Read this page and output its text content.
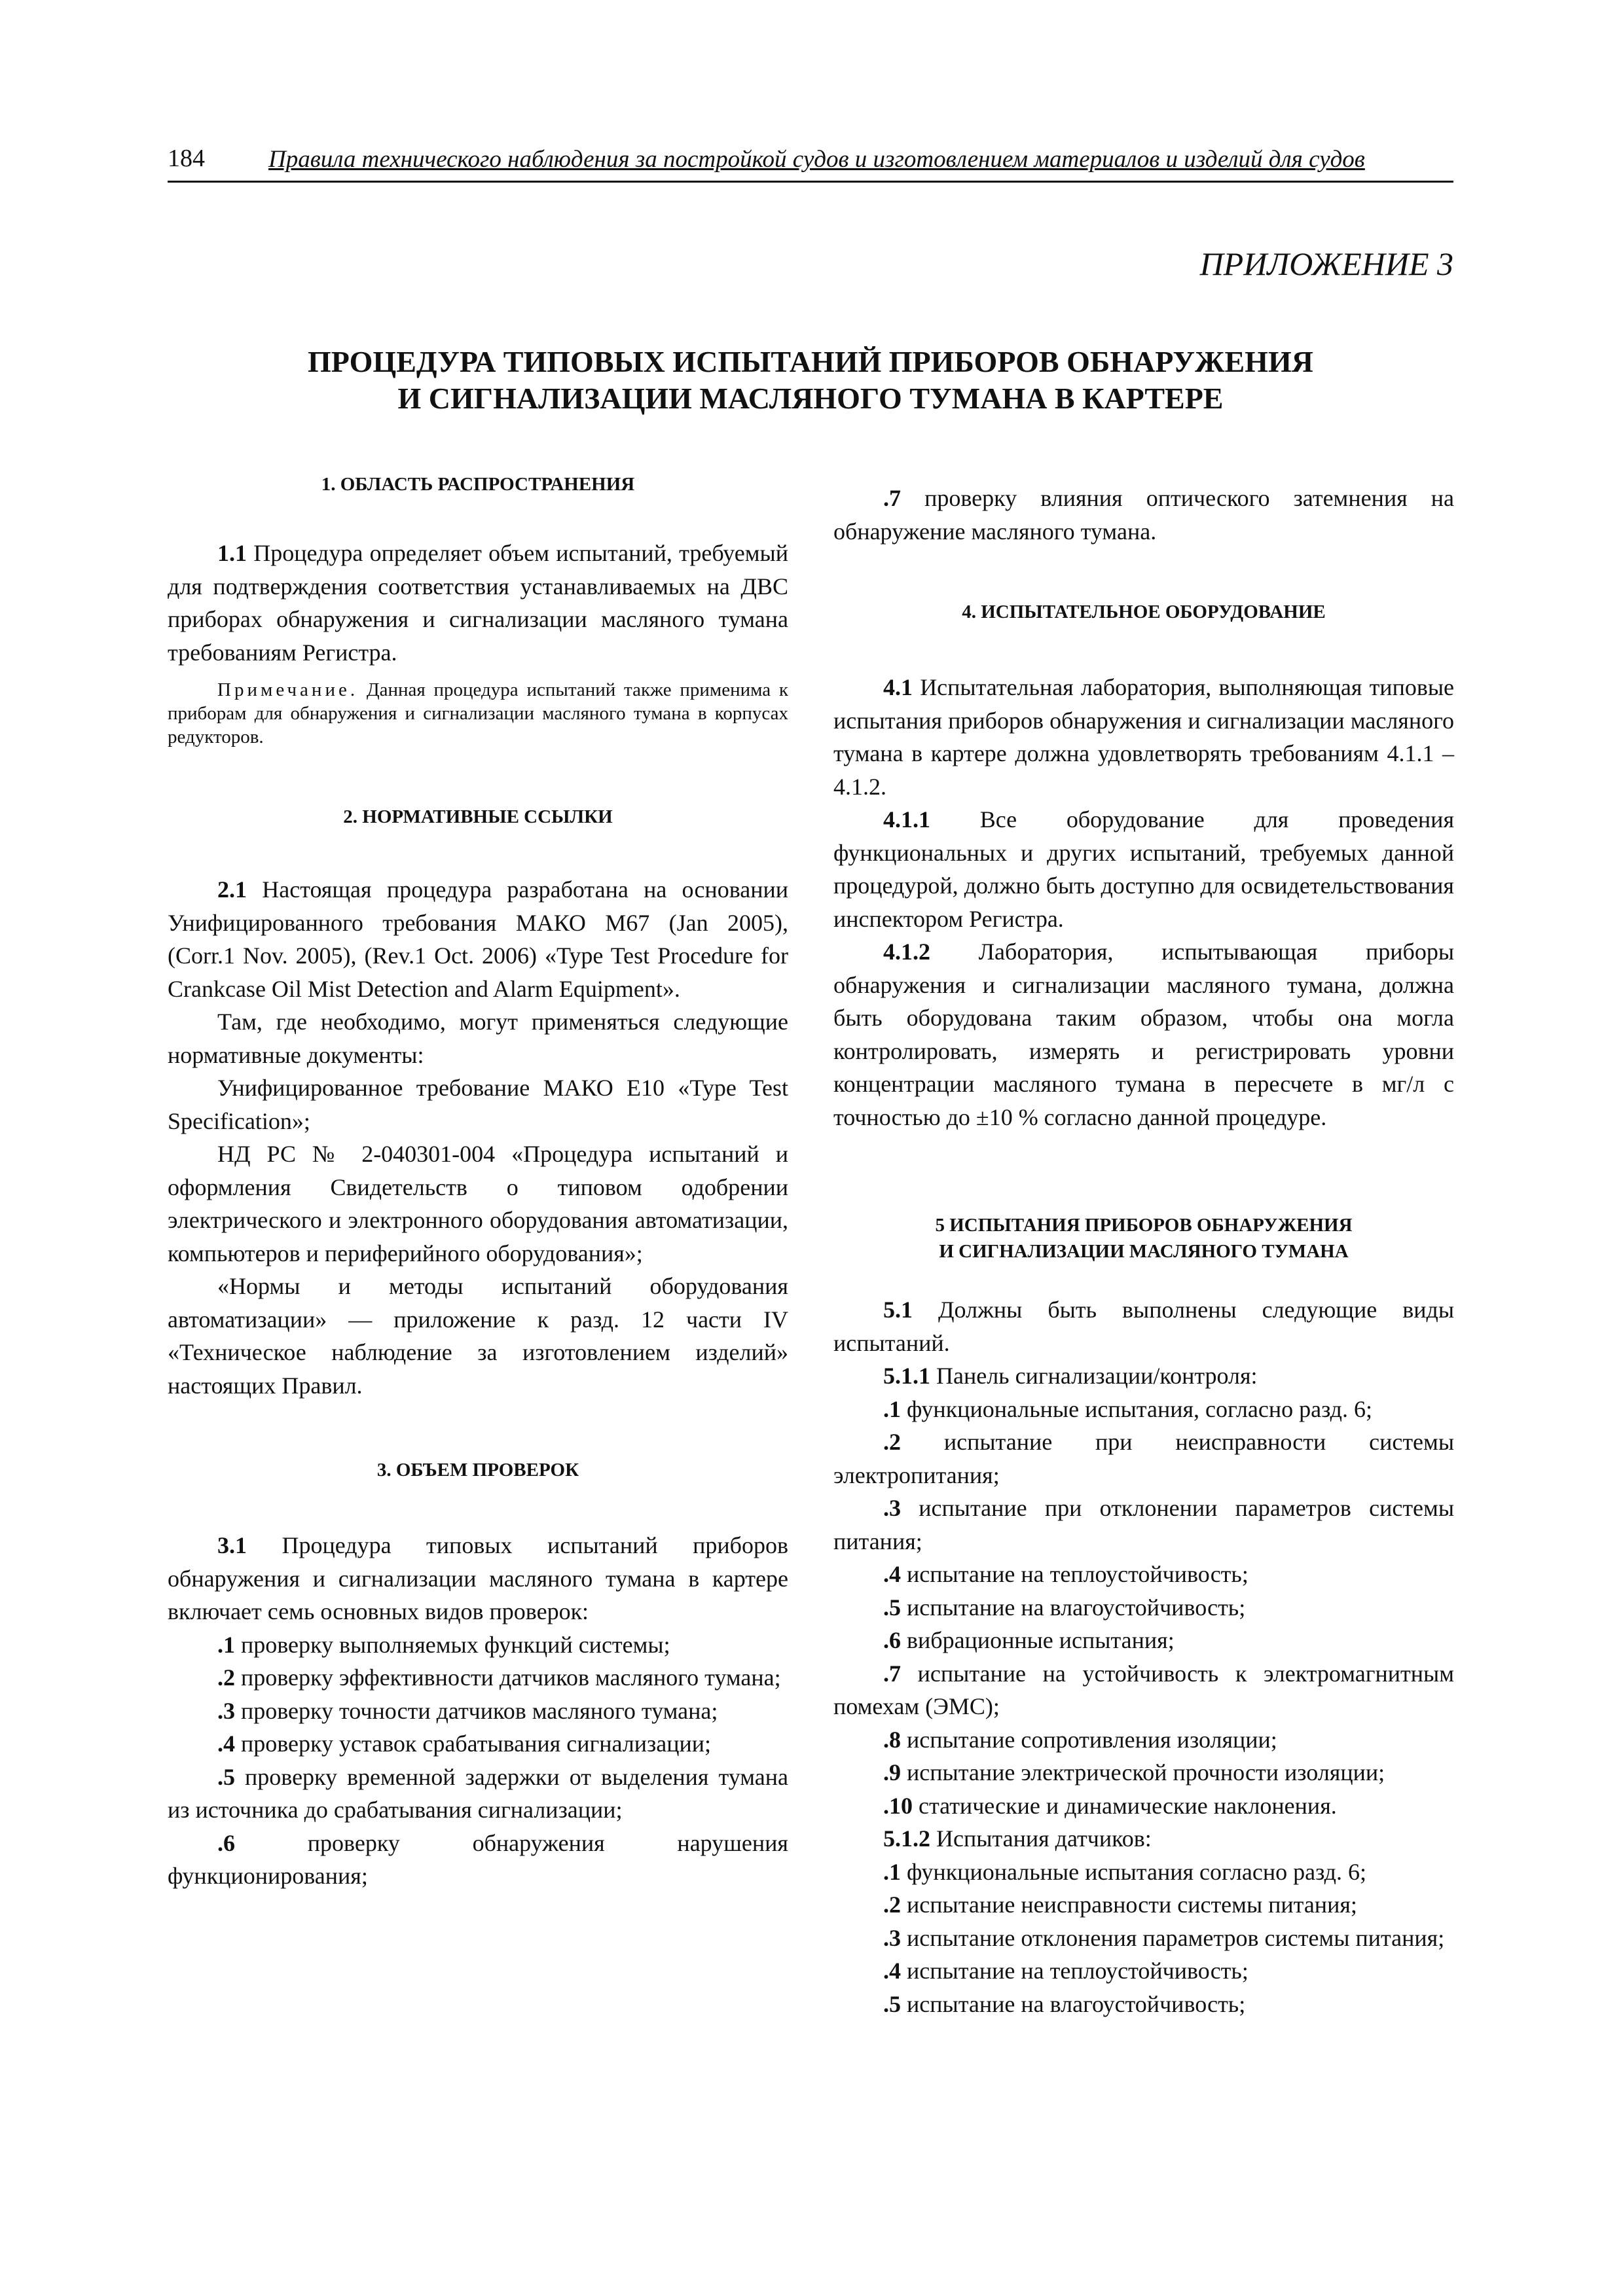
184	Правила технического наблюдения за постройкой судов и изготовлением материалов и изделий для судов
ПРИЛОЖЕНИЕ 3
ПРОЦЕДУРА ТИПОВЫХ ИСПЫТАНИЙ ПРИБОРОВ ОБНАРУЖЕНИЯ
И СИГНАЛИЗАЦИИ МАСЛЯНОГО ТУМАНА В КАРТЕРЕ
1. ОБЛАСТЬ РАСПРОСТРАНЕНИЯ

1.1 Процедура определяет объем испытаний, требуемый для подтверждения соответствия устанавливаемых на ДВС приборах обнаружения и сигнализации масляного тумана требованиям Регистра.

Примечание. Данная процедура испытаний также применима к приборам для обнаружения и сигнализации масляного тумана в корпусах редукторов.

2. НОРМАТИВНЫЕ ССЫЛКИ

2.1 Настоящая процедура разработана на основании Унифицированного требования МАКО М67 (Jan 2005), (Corr.1 Nov. 2005), (Rev.1 Oct. 2006) «Type Test Procedure for Crankcase Oil Mist Detection and Alarm Equipment».

Там, где необходимо, могут применяться следующие нормативные документы:

Унифицированное требование МАКО Е10 «Type Test Specification»;

НД РС № 2-040301-004 «Процедура испытаний и оформления Свидетельств о типовом одобрении электрического и электронного оборудования автоматизации, компьютеров и периферийного оборудования»;

«Нормы и методы испытаний оборудования автоматизации» — приложение к разд. 12 части IV «Техническое наблюдение за изготовлением изделий» настоящих Правил.

3. ОБЪЕМ ПРОВЕРОК

3.1 Процедура типовых испытаний приборов обнаружения и сигнализации масляного тумана в картере включает семь основных видов проверок:

.1 проверку выполняемых функций системы;

.2 проверку эффективности датчиков масляного тумана;

.3 проверку точности датчиков масляного тумана;

.4 проверку уставок срабатывания сигнализации;

.5 проверку временной задержки от выделения тумана из источника до срабатывания сигнализации;

.6	проверку обнаружения нарушения функционирования;

.7 проверку влияния оптического затемнения на обнаружение масляного тумана.

4. ИСПЫТАТЕЛЬНОЕ ОБОРУДОВАНИЕ

4.1 Испытательная лаборатория, выполняющая типовые испытания приборов обнаружения и сигнализации масляного тумана в картере должна удовлетворять требованиям 4.1.1 – 4.1.2.

4.1.1 Все оборудование для проведения функциональных и других испытаний, требуемых данной процедурой, должно быть доступно для освидетельствования инспектором Регистра.

4.1.2 Лаборатория, испытывающая приборы обнаружения и сигнализации масляного тумана, должна быть оборудована таким образом, чтобы она могла контролировать, измерять и регистрировать уровни концентрации масляного тумана в пересчете в мг/л с точностью до ±10 % согласно данной процедуре.

5 ИСПЫТАНИЯ ПРИБОРОВ ОБНАРУЖЕНИЯ
И СИГНАЛИЗАЦИИ МАСЛЯНОГО ТУМАНА

5.1 Должны быть выполнены следующие виды испытаний.

5.1.1 Панель сигнализации/контроля:

.1 функциональные испытания, согласно разд. 6;

.2 испытание при неисправности системы электропитания;

.3 испытание при отклонении параметров системы питания;

.4 испытание на теплоустойчивость;

.5 испытание на влагоустойчивость;

.6 вибрационные испытания;

.7 испытание на устойчивость к электромагнитным помехам (ЭМС);

.8 испытание сопротивления изоляции;

.9 испытание электрической прочности изоляции;

.10 статические и динамические наклонения.

5.1.2 Испытания датчиков:

.1 функциональные испытания согласно разд. 6;

.2 испытание неисправности системы питания;

.3 испытание отклонения параметров системы питания;

.4 испытание на теплоустойчивость;

.5 испытание на влагоустойчивость;
